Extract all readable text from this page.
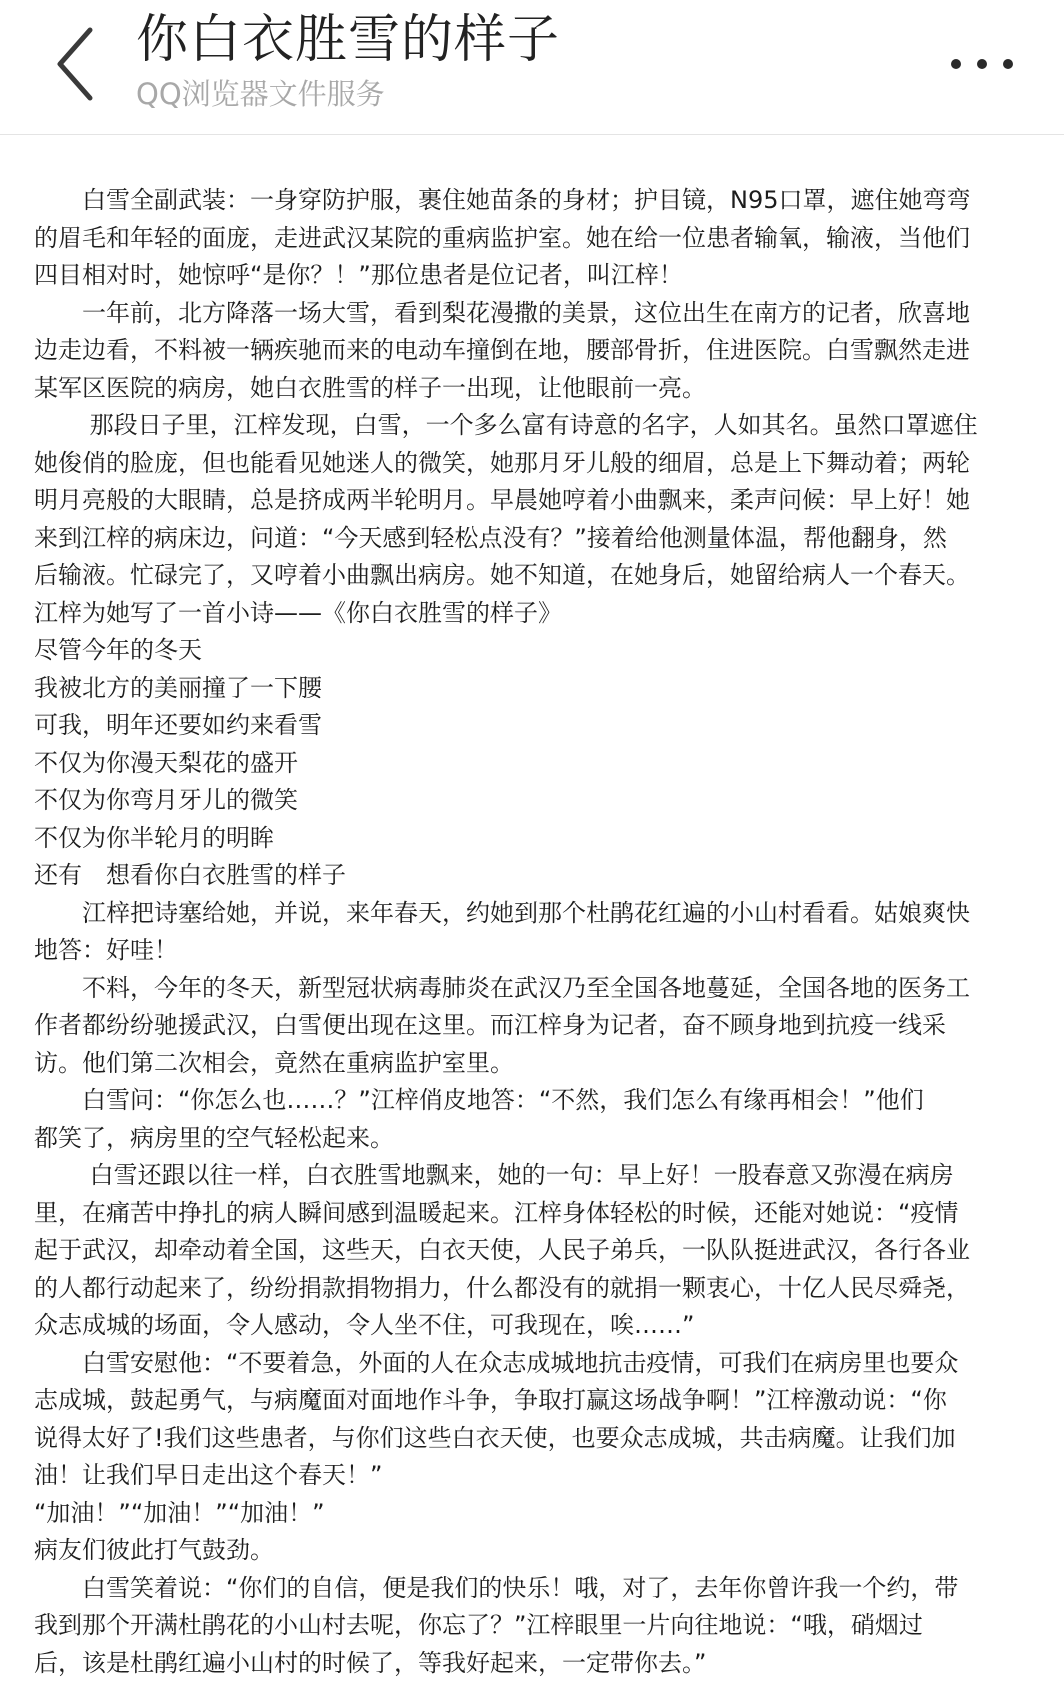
你白衣胜雪的样子
QQ浏览器文件服务
　　白雪全副武装：一身穿防护服，裹住她苗条的身材；护目镜，N95口罩，遮住她弯弯
的眉毛和年轻的面庞，走进武汉某院的重病监护室。她在给一位患者输氧，输液，当他们
四目相对时，她惊呼“是你？！”那位患者是位记者，叫江梓！
　　一年前，北方降落一场大雪，看到梨花漫撒的美景，这位出生在南方的记者，欣喜地
边走边看，不料被一辆疾驰而来的电动车撞倒在地，腰部骨折，住进医院。白雪飘然走进
某军区医院的病房，她白衣胜雪的样子一出现，让他眼前一亮。
　　 那段日子里，江梓发现，白雪，一个多么富有诗意的名字，人如其名。虽然口罩遮住
她俊俏的脸庞，但也能看见她迷人的微笑，她那月牙儿般的细眉，总是上下舞动着；两轮
明月亮般的大眼睛，总是挤成两半轮明月。早晨她哼着小曲飘来，柔声问候：早上好！她
来到江梓的病床边，问道：“今天感到轻松点没有？”接着给他测量体温，帮他翻身，然
后输液。忙碌完了，又哼着小曲飘出病房。她不知道，在她身后，她留给病人一个春天。
江梓为她写了一首小诗——《你白衣胜雪的样子》
尽管今年的冬天
我被北方的美丽撞了一下腰
可我，明年还要如约来看雪
不仅为你漫天梨花的盛开
不仅为你弯月牙儿的微笑
不仅为你半轮月的明眸
还有　想看你白衣胜雪的样子
　　江梓把诗塞给她，并说，来年春天，约她到那个杜鹃花红遍的小山村看看。姑娘爽快
地答：好哇！
　　不料，今年的冬天，新型冠状病毒肺炎在武汉乃至全国各地蔓延，全国各地的医务工
作者都纷纷驰援武汉，白雪便出现在这里。而江梓身为记者，奋不顾身地到抗疫一线采
访。他们第二次相会，竟然在重病监护室里。
　　白雪问：“你怎么也……？”江梓俏皮地答：“不然，我们怎么有缘再相会！”他们
都笑了，病房里的空气轻松起来。
　　 白雪还跟以往一样，白衣胜雪地飘来，她的一句：早上好！一股春意又弥漫在病房
里，在痛苦中挣扎的病人瞬间感到温暖起来。江梓身体轻松的时候，还能对她说：“疫情
起于武汉，却牵动着全国，这些天，白衣天使，人民子弟兵，一队队挺进武汉，各行各业
的人都行动起来了，纷纷捐款捐物捐力，什么都没有的就捐一颗衷心，十亿人民尽舜尧，
众志成城的场面，令人感动，令人坐不住，可我现在，唉……”
　　白雪安慰他：“不要着急，外面的人在众志成城地抗击疫情，可我们在病房里也要众
志成城，鼓起勇气，与病魔面对面地作斗争，争取打赢这场战争啊！”江梓激动说：“你
说得太好了!我们这些患者，与你们这些白衣天使，也要众志成城，共击病魔。让我们加
油！让我们早日走出这个春天！”
“加油！”“加油！”“加油！”
病友们彼此打气鼓劲。
　　白雪笑着说：“你们的自信，便是我们的快乐！哦，对了，去年你曾许我一个约，带
我到那个开满杜鹃花的小山村去呢，你忘了？”江梓眼里一片向往地说：“哦，硝烟过
后，该是杜鹃红遍小山村的时候了，等我好起来，一定带你去。”
